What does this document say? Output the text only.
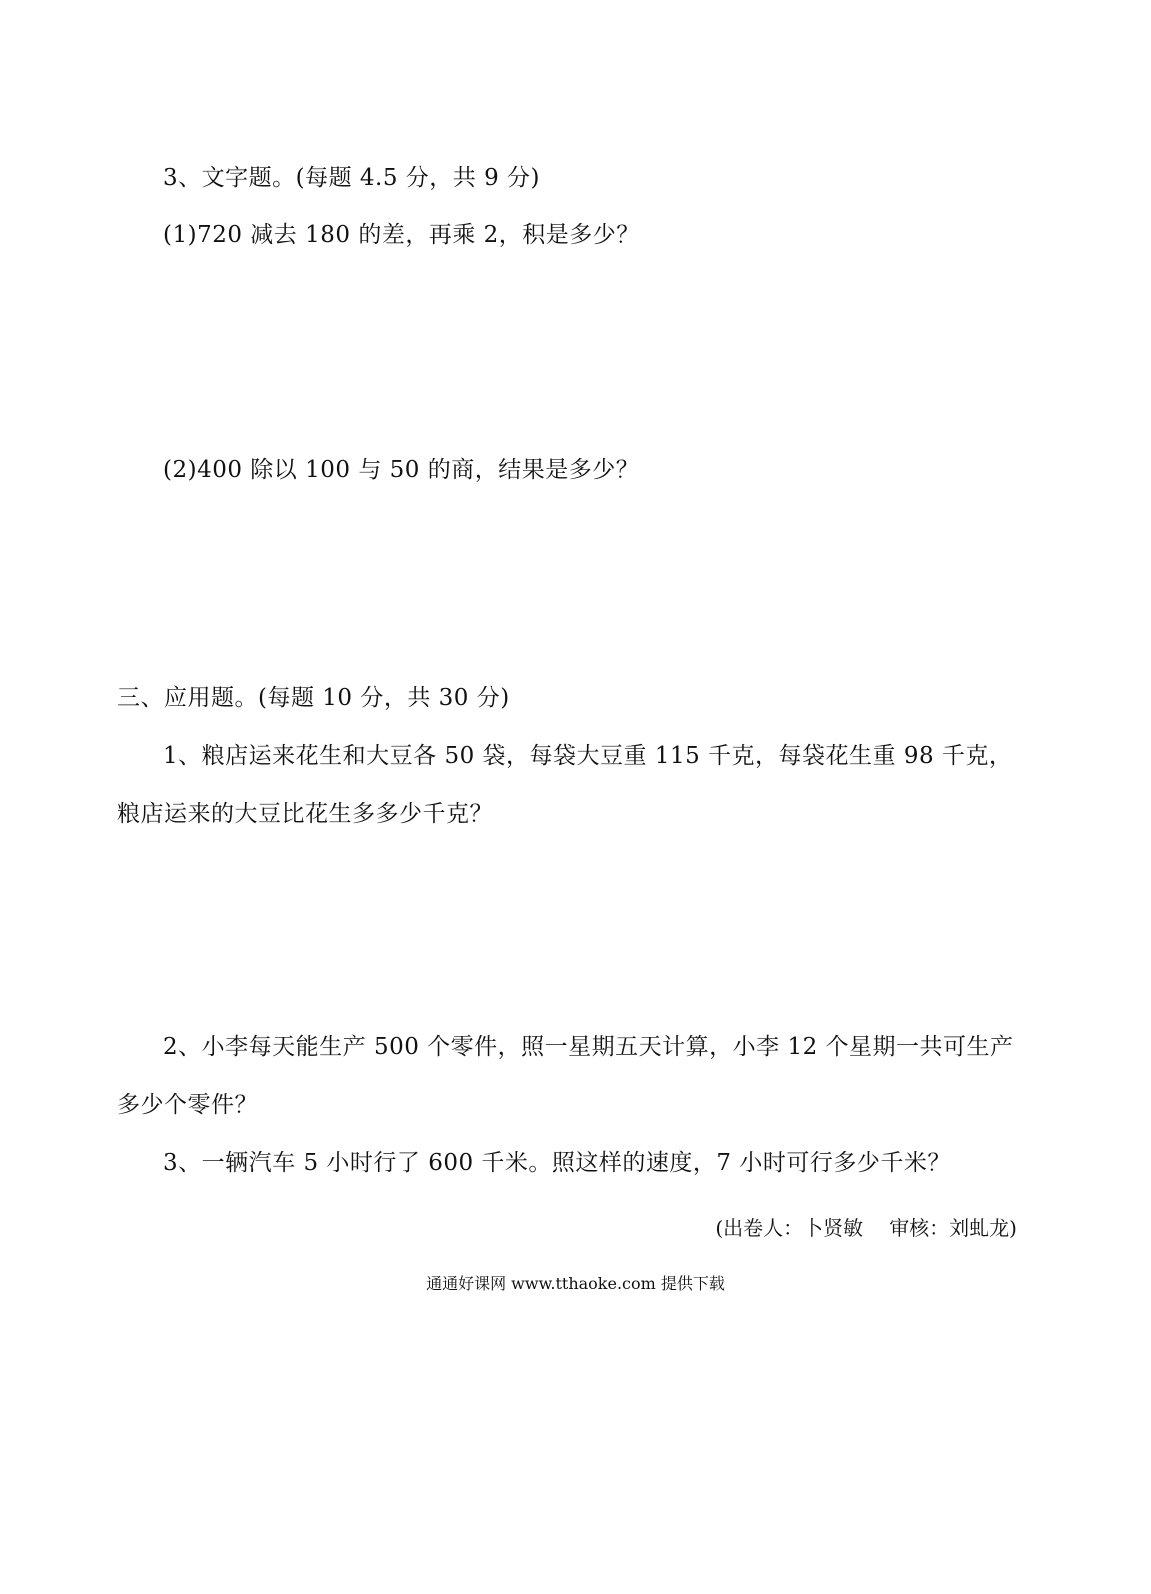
3、文字题。(每题 4.5 分，共 9 分)
(1)720 减去 180 的差，再乘 2，积是多少？
(2)400 除以 100 与 50 的商，结果是多少？
三、应用题。(每题 10 分，共 30 分)
1、粮店运来花生和大豆各 50 袋，每袋大豆重 115 千克，每袋花生重 98 千克，
粮店运来的大豆比花生多多少千克？
2、小李每天能生产 500 个零件，照一星期五天计算，小李 12 个星期一共可生产
多少个零件？
3、一辆汽车 5 小时行了 600 千米。照这样的速度，7 小时可行多少千米？
(出卷人：卜贤敏 审核：刘虬龙)
通通好课网 www.tthaoke.com 提供下载
